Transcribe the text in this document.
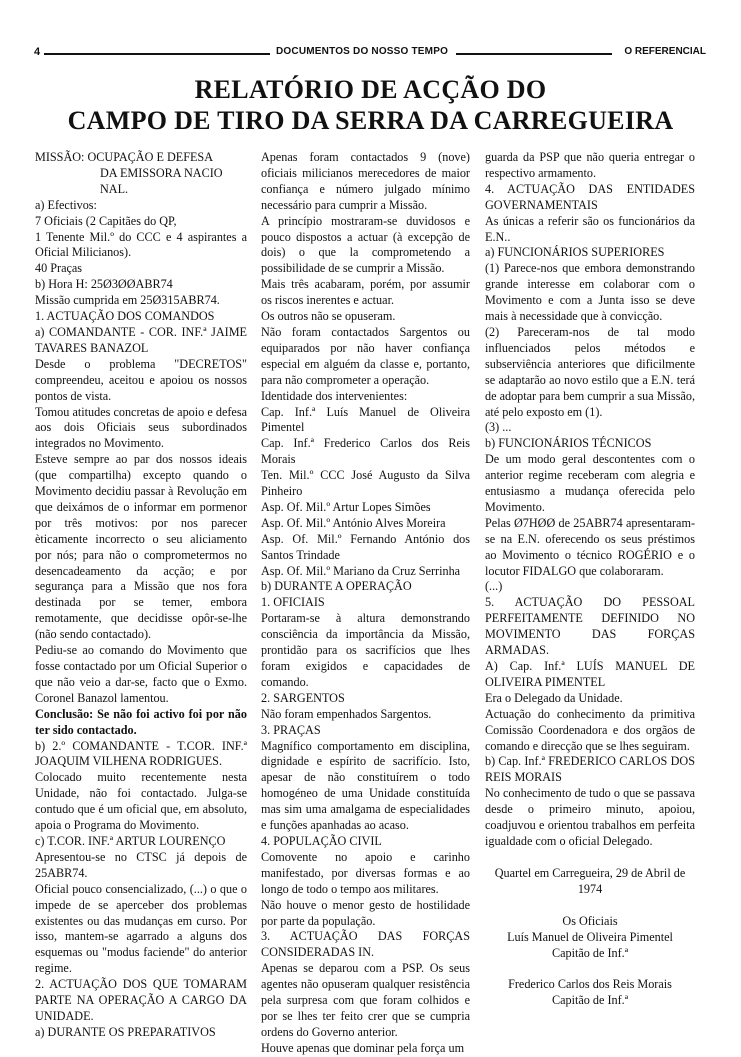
4	DOCUMENTOS DO NOSSO TEMPO	O REFERENCIAL
RELATÓRIO DE ACÇÃO DO
CAMPO DE TIRO DA SERRA DA CARREGUEIRA

MISSÃO: OCUPAÇÃO E DEFESA

DA EMISSORA NACIO

NAL.

a) Efectivos:

7 Oficiais (2 Capitães do QP,

1 Tenente Mil.º do CCC e 4 aspirantes a Oficial Milicianos).

40 Praças

b) Hora H: 25Ø3ØØABR74

Missão cumprida em 25Ø315ABR74.

1. ACTUAÇÃO DOS COMANDOS

a) COMANDANTE - COR. INF.ª JAIME TAVARES BANAZOL

Desde o problema "DECRETOS" compreendeu, aceitou e apoiou os nossos pontos de vista.

Tomou atitudes concretas de apoio e defesa aos dois Oficiais seus subordinados integrados no Movimento.

Esteve sempre ao par dos nossos ideais (que compartilha) excepto quando o Movimento decidiu passar à Revolução em que deixámos de o informar em pormenor por três motivos: por nos parecer èticamente incorrecto o seu aliciamento por nós; para não o comprometermos no desencadeamento da acção; e por segurança para a Missão que nos fora destinada por se temer, embora remotamente, que decidisse opôr-se-lhe (não sendo contactado).

Pediu-se ao comando do Movimento que fosse contactado por um Oficial Superior o que não veio a dar-se, facto que o Exmo. Coronel Banazol lamentou.

Conclusão: Se não foi activo foi por não ter sido contactado.

b) 2.º COMANDANTE - T.COR. INF.ª JOAQUIM VILHENA RODRIGUES.

Colocado muito recentemente nesta Unidade, não foi contactado. Julga-se contudo que é um oficial que, em absoluto, apoia o Programa do Movimento.

c) T.COR. INF.ª ARTUR LOURENÇO

Apresentou-se no CTSC já depois de 25ABR74.

Oficial pouco consencializado, (...) o que o impede de se aperceber dos problemas existentes ou das mudanças em curso. Por isso, mantem-se agarrado a alguns dos esquemas ou "modus faciende" do anterior regime.

2. ACTUAÇÃO DOS QUE TOMARAM PARTE NA OPERAÇÃO A CARGO DA UNIDADE.

a) DURANTE OS PREPARATIVOS

Apenas foram contactados 9 (nove) oficiais milicianos merecedores de maior confiança e número julgado mínimo necessário para cumprir a Missão.

A princípio mostraram-se duvidosos e pouco dispostos a actuar (à excepção de dois) o que la comprometendo a possibilidade de se cumprir a Missão.

Mais três acabaram, porém, por assumir os riscos inerentes e actuar.

Os outros não se opuseram.

Não foram contactados Sargentos ou equiparados por não haver confiança especial em alguém da classe e, portanto, para não comprometer a operação.

Identidade dos intervenientes:

Cap. Inf.ª Luís Manuel de Oliveira Pimentel

Cap. Inf.ª Frederico Carlos dos Reis Morais

Ten. Mil.º CCC José Augusto da Silva Pinheiro

Asp. Of. Mil.º Artur Lopes Simões

Asp. Of. Mil.º António Alves Moreira

Asp. Of. Mil.º Fernando António dos Santos Trindade

Asp. Of. Mil.º Mariano da Cruz Serrinha

b) DURANTE A OPERAÇÃO

1. OFICIAIS

Portaram-se à altura demonstrando consciência da importância da Missão, prontidão para os sacrifícios que lhes foram exigidos e capacidades de comando.

2. SARGENTOS

Não foram empenhados Sargentos.

3. PRAÇAS

Magnífico comportamento em disciplina, dignidade e espírito de sacrifício. Isto, apesar de não constituírem o todo homogéneo de uma Unidade constituída mas sim uma amalgama de especialidades e funções apanhadas ao acaso.

4. POPULAÇÃO CIVIL

Comovente no apoio e carinho manifestado, por diversas formas e ao longo de todo o tempo aos militares.

Não houve o menor gesto de hostilidade por parte da população.

3. ACTUAÇÃO DAS FORÇAS CONSIDERADAS IN.

Apenas se deparou com a PSP. Os seus agentes não opuseram qualquer resistência pela surpresa com que foram colhidos e por se lhes ter feito crer que se cumpria ordens do Governo anterior.

Houve apenas que dominar pela força um

guarda da PSP que não queria entregar o respectivo armamento.

4. ACTUAÇÃO DAS ENTIDADES GOVERNAMENTAIS

As únicas a referir são os funcionários da E.N..

a) FUNCIONÁRIOS SUPERIORES

(1) Parece-nos que embora demonstrando grande interesse em colaborar com o Movimento e com a Junta isso se deve mais à necessidade que à convicção.

(2) Pareceram-nos de tal modo influenciados pelos métodos e subserviência anteriores que dificilmente se adaptarão ao novo estilo que a E.N. terá de adoptar para bem cumprir a sua Missão, até pelo exposto em (1).

(3) ...

b) FUNCIONÁRIOS TÉCNICOS

De um modo geral descontentes com o anterior regime receberam com alegria e entusiasmo a mudança oferecida pelo Movimento.

Pelas Ø7HØØ de 25ABR74 apresentaram-se na E.N. oferecendo os seus préstimos ao Movimento o técnico ROGÉRIO e o locutor FIDALGO que colaboraram.

(...)

5. ACTUAÇÃO DO PESSOAL PERFEITAMENTE DEFINIDO NO MOVIMENTO DAS FORÇAS ARMADAS.

A) Cap. Inf.ª LUÍS MANUEL DE OLIVEIRA PIMENTEL

Era o Delegado da Unidade.

Actuação do conhecimento da primitiva Comissão Coordenadora e dos orgãos de comando e direcção que se lhes seguiram.

b) Cap. Inf.ª FREDERICO CARLOS DOS REIS MORAIS

No conhecimento de tudo o que se passava desde o primeiro minuto, apoiou, coadjuvou e orientou trabalhos em perfeita igualdade com o oficial Delegado.

Quartel em Carregueira, 29 de Abril de 1974

Os Oficiais

Luís Manuel de Oliveira Pimentel

Capitão de Inf.ª

Frederico Carlos dos Reis Morais

Capitão de Inf.ª
